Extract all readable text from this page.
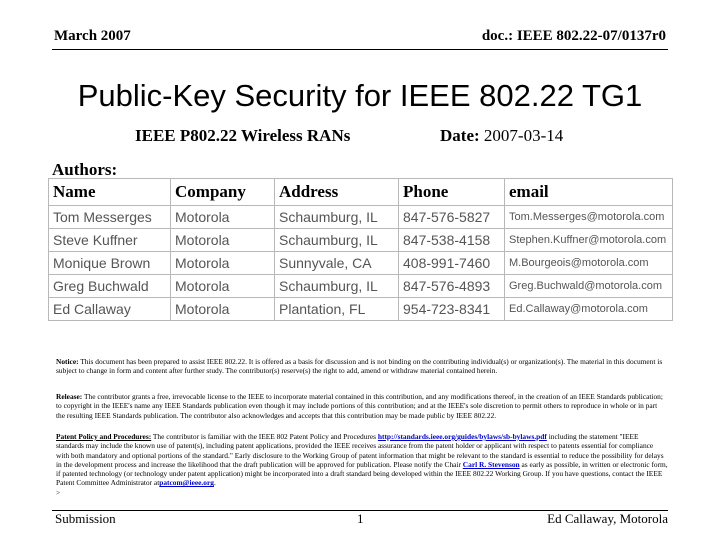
March 2007	doc.: IEEE 802.22-07/0137r0
Public-Key Security for IEEE 802.22 TG1
IEEE P802.22 Wireless RANs	Date: 2007-03-14
Authors:
Name	Company	Address	Phone	email
Tom Messerges	Motorola	Schaumburg, IL	847-576-5827	Tom.Messerges@motorola.com
Steve Kuffner	Motorola	Schaumburg, IL	847-538-4158	Stephen.Kuffner@motorola.com
Monique Brown	Motorola	Sunnyvale, CA	408-991-7460	M.Bourgeois@motorola.com
Greg Buchwald	Motorola	Schaumburg, IL	847-576-4893	Greg.Buchwald@motorola.com
Ed Callaway	Motorola	Plantation, FL	954-723-8341	Ed.Callaway@motorola.com
Notice: This document has been prepared to assist IEEE 802.22. It is offered as a basis for discussion and is not binding on the contributing individual(s) or organization(s). The material in this document is subject to change in form and content after further study. The contributor(s) reserve(s) the right to add, amend or withdraw material contained herein.
Release: The contributor grants a free, irrevocable license to the IEEE to incorporate material contained in this contribution, and any modifications thereof, in the creation of an IEEE Standards publication; to copyright in the IEEE's name any IEEE Standards publication even though it may include portions of this contribution; and at the IEEE's sole discretion to permit others to reproduce in whole or in part the resulting IEEE Standards publication. The contributor also acknowledges and accepts that this contribution may be made public by IEEE 802.22.
Patent Policy and Procedures: The contributor is familiar with the IEEE 802 Patent Policy and Procedures http://standards.ieee.org/guides/bylaws/sb-bylaws.pdf including the statement "IEEE standards may include the known use of patent(s), including patent applications, provided the IEEE receives assurance from the patent holder or applicant with respect to patents essential for compliance with both mandatory and optional portions of the standard." Early disclosure to the Working Group of patent information that might be relevant to the standard is essential to reduce the possibility for delays in the development process and increase the likelihood that the draft publication will be approved for publication. Please notify the Chair Carl R. Stevenson as early as possible, in written or electronic form, if patented technology (or technology under patent application) might be incorporated into a draft standard being developed within the IEEE 802.22 Working Group. If you have questions, contact the IEEE Patent Committee Administrator atpatcom@ieee.org.
>
Submission	1	Ed Callaway, Motorola
